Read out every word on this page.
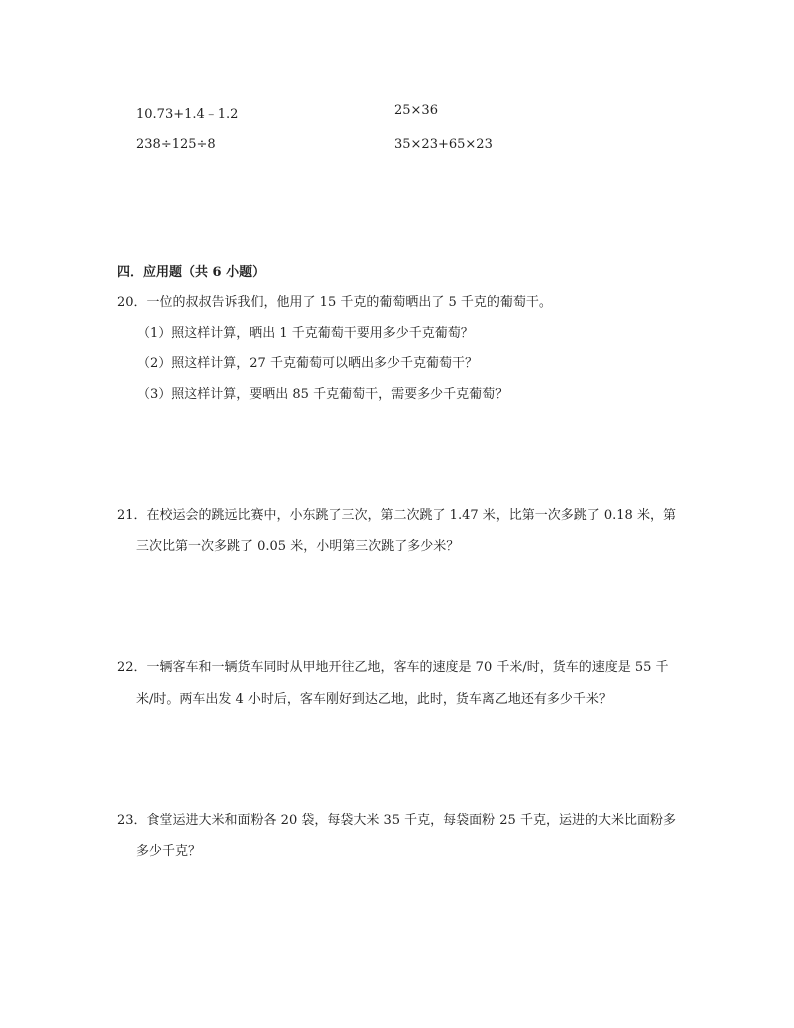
10.73+1.4﹣1.2	25×36
238÷125÷8	35×23+65×23
四．应用题（共 6 小题）
20．一位的叔叔告诉我们，他用了 15 千克的葡萄晒出了 5 千克的葡萄干。
（1）照这样计算，晒出 1 千克葡萄干要用多少千克葡萄？
（2）照这样计算，27 千克葡萄可以晒出多少千克葡萄干？
（3）照这样计算，要晒出 85 千克葡萄干，需要多少千克葡萄？
21．在校运会的跳远比赛中，小东跳了三次，第二次跳了 1.47 米，比第一次多跳了 0.18 米，第
三次比第一次多跳了 0.05 米，小明第三次跳了多少米？
22．一辆客车和一辆货车同时从甲地开往乙地，客车的速度是 70 千米/时，货车的速度是 55 千
米/时。两车出发 4 小时后，客车刚好到达乙地，此时，货车离乙地还有多少千米？
23．食堂运进大米和面粉各 20 袋，每袋大米 35 千克，每袋面粉 25 千克，运进的大米比面粉多
多少千克？
